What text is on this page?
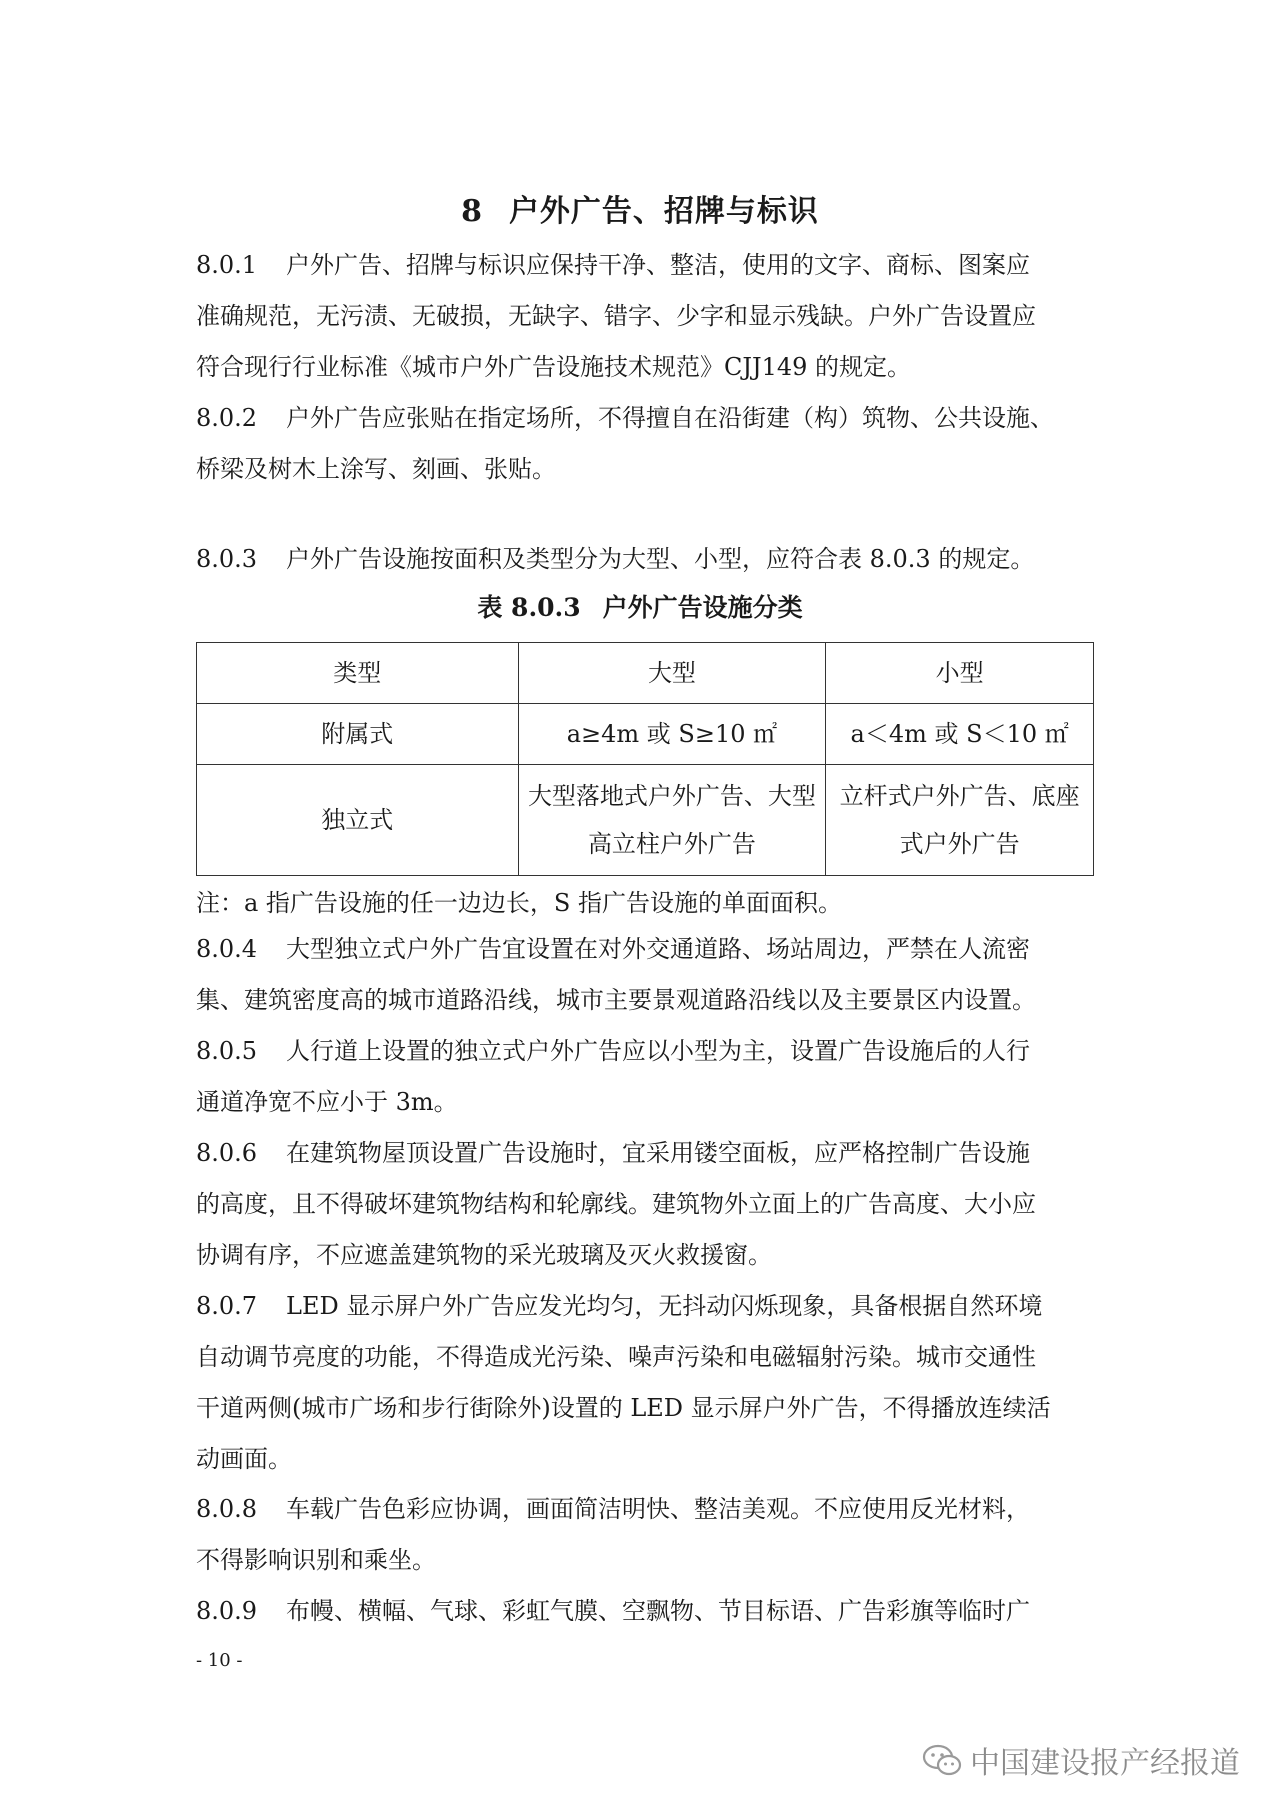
8 户外广告、招牌与标识
8.0.1 户外广告、招牌与标识应保持干净、整洁，使用的文字、商标、图案应
准确规范，无污渍、无破损，无缺字、错字、少字和显示残缺。户外广告设置应
符合现行行业标准《城市户外广告设施技术规范》CJJ149 的规定。
8.0.2 户外广告应张贴在指定场所，不得擅自在沿街建（构）筑物、公共设施、
桥梁及树木上涂写、刻画、张贴。
8.0.3 户外广告设施按面积及类型分为大型、小型，应符合表 8.0.3 的规定。
表 8.0.3 户外广告设施分类
类型	大型	小型
附属式	a≥4m 或 S≥10 ㎡	a＜4m 或 S＜10 ㎡
独立式	大型落地式户外广告、大型高立柱户外广告	立杆式户外广告、底座式户外广告
注：a 指广告设施的任一边边长，S 指广告设施的单面面积。
8.0.4 大型独立式户外广告宜设置在对外交通道路、场站周边，严禁在人流密
集、建筑密度高的城市道路沿线，城市主要景观道路沿线以及主要景区内设置。
8.0.5 人行道上设置的独立式户外广告应以小型为主，设置广告设施后的人行
通道净宽不应小于 3m。
8.0.6 在建筑物屋顶设置广告设施时，宜采用镂空面板，应严格控制广告设施
的高度，且不得破坏建筑物结构和轮廓线。建筑物外立面上的广告高度、大小应
协调有序，不应遮盖建筑物的采光玻璃及灭火救援窗。
8.0.7 LED 显示屏户外广告应发光均匀，无抖动闪烁现象，具备根据自然环境
自动调节亮度的功能，不得造成光污染、噪声污染和电磁辐射污染。城市交通性
干道两侧(城市广场和步行街除外)设置的 LED 显示屏户外广告，不得播放连续活
动画面。
8.0.8 车载广告色彩应协调，画面简洁明快、整洁美观。不应使用反光材料，
不得影响识别和乘坐。
8.0.9 布幔、横幅、气球、彩虹气膜、空飘物、节目标语、广告彩旗等临时广
- 10 -
中国建设报产经报道
